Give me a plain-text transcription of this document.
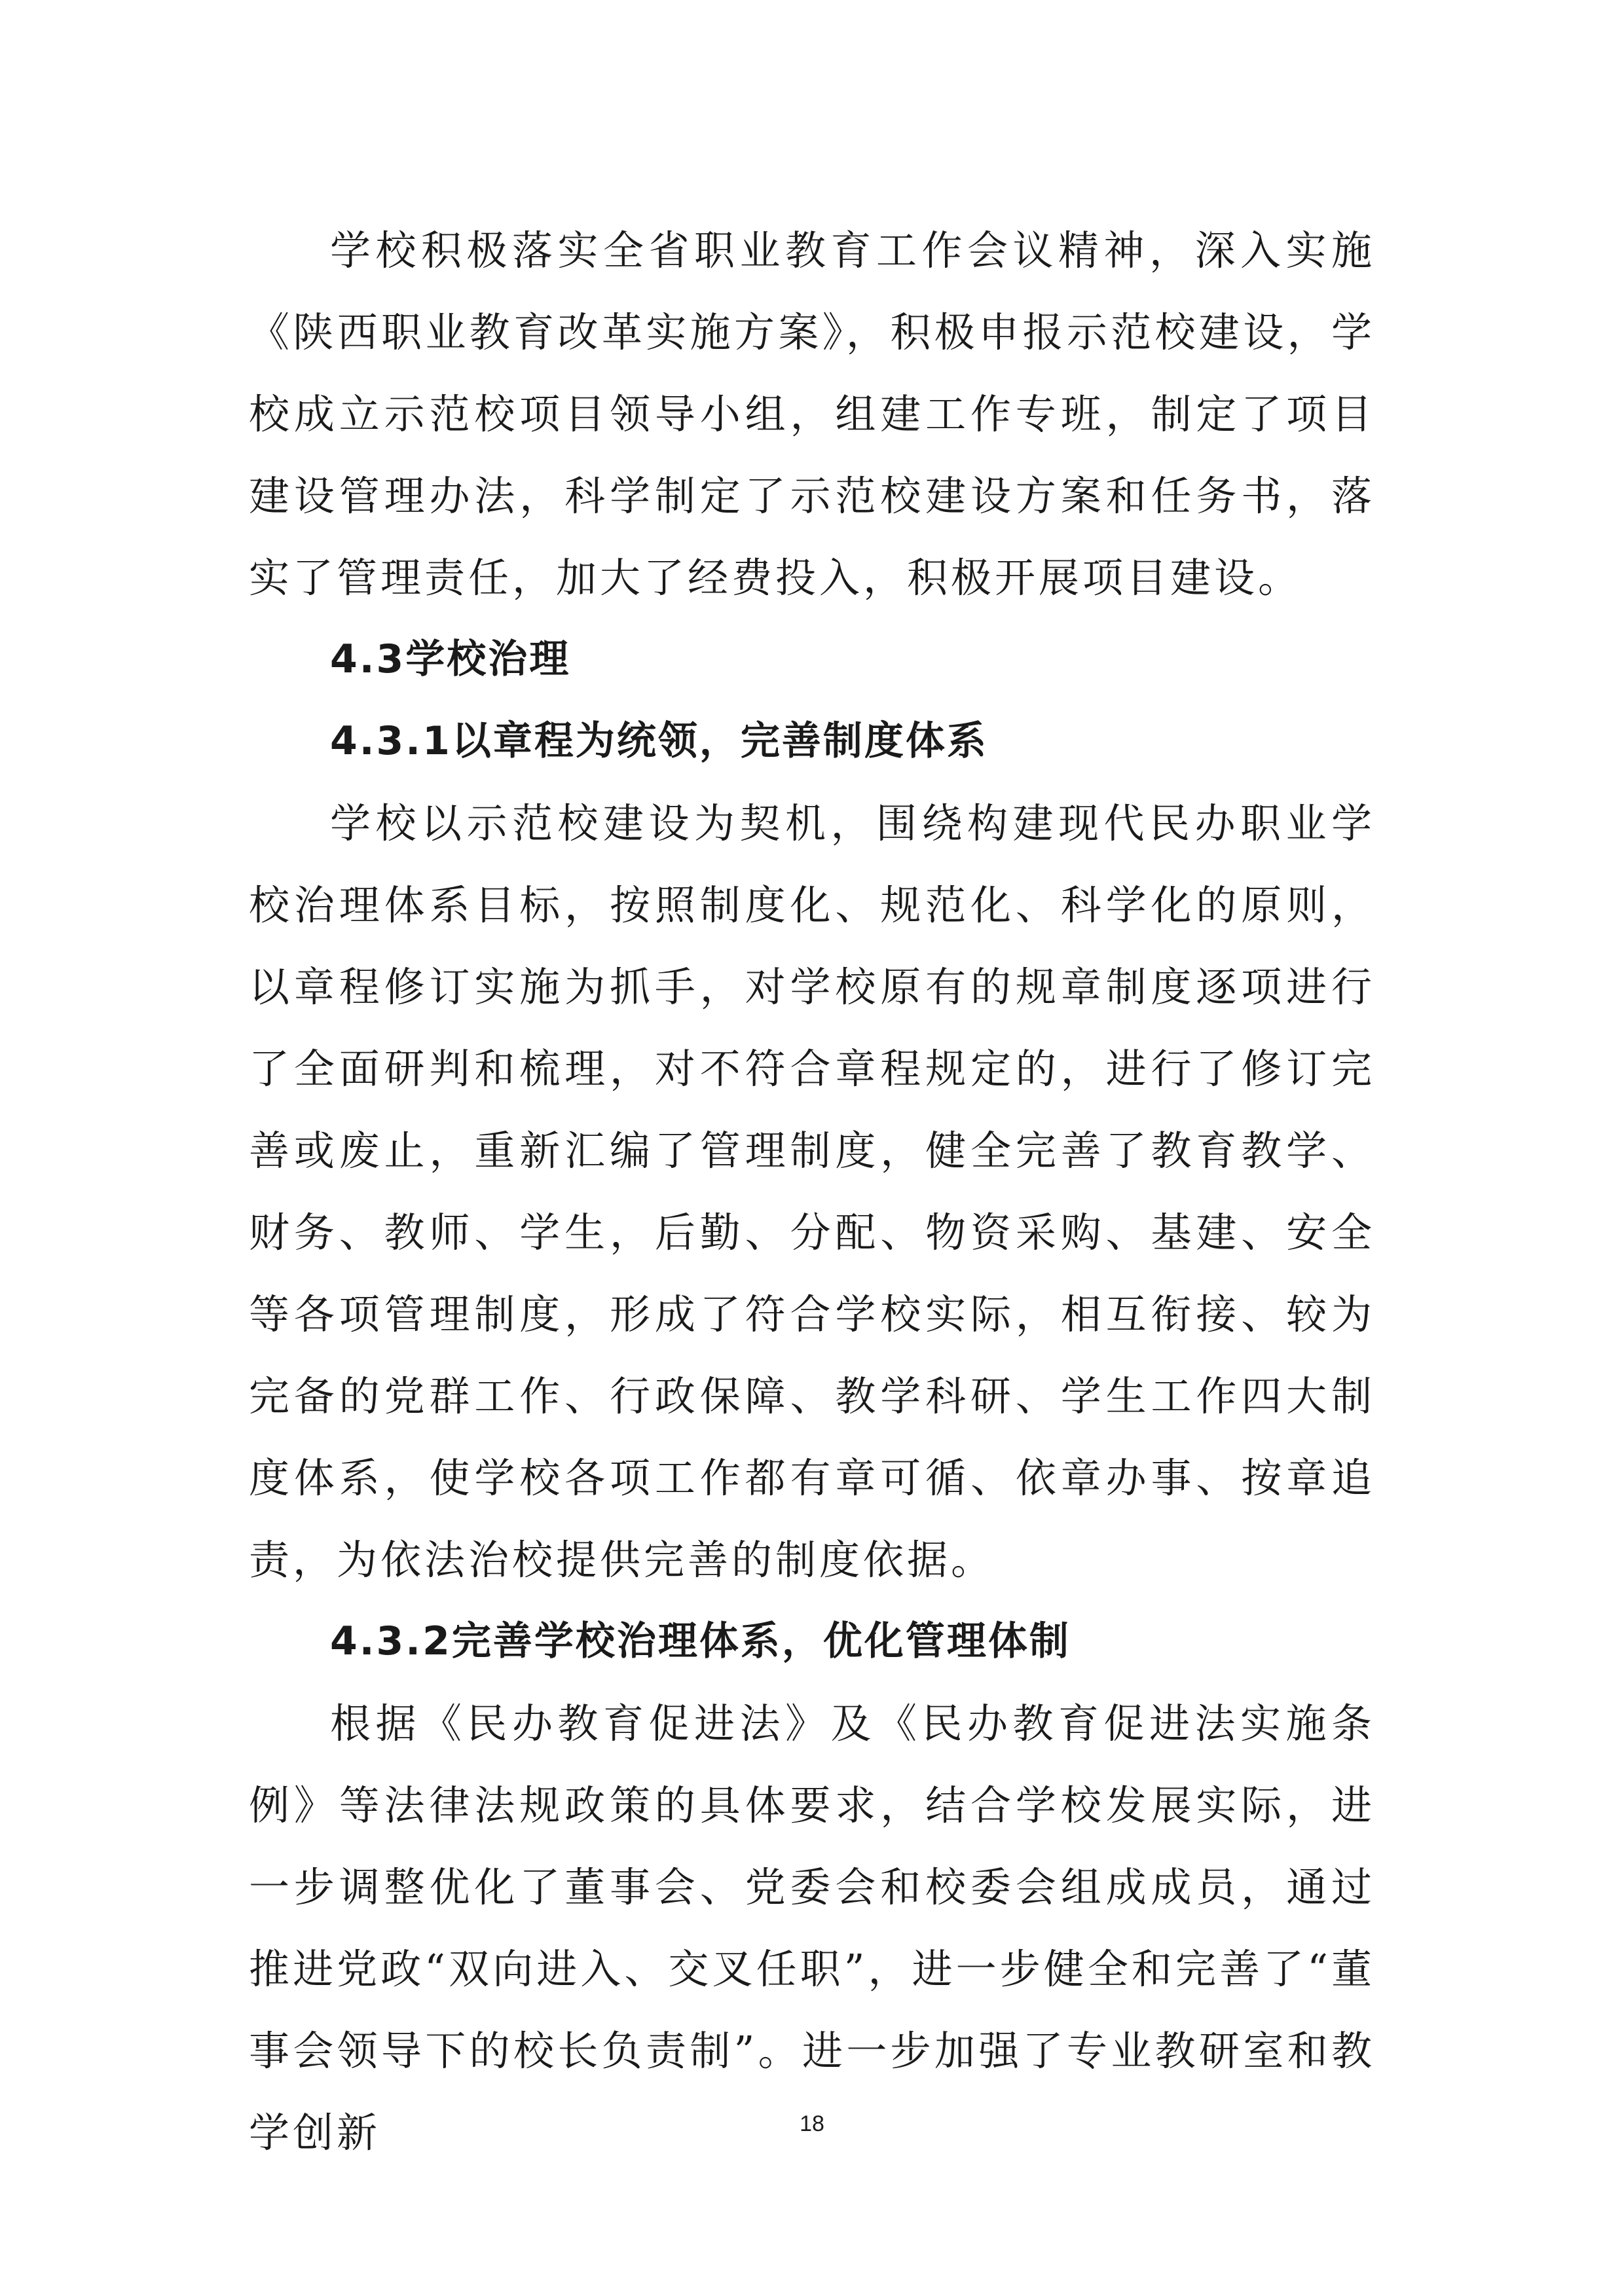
学校积极落实全省职业教育工作会议精神，深入实施《陕西职业教育改革实施方案》，积极申报示范校建设，学校成立示范校项目领导小组，组建工作专班，制定了项目建设管理办法，科学制定了示范校建设方案和任务书，落实了管理责任，加大了经费投入，积极开展项目建设。

4.3学校治理

4.3.1以章程为统领，完善制度体系

学校以示范校建设为契机，围绕构建现代民办职业学校治理体系目标，按照制度化、规范化、科学化的原则，以章程修订实施为抓手，对学校原有的规章制度逐项进行了全面研判和梳理，对不符合章程规定的，进行了修订完善或废止，重新汇编了管理制度，健全完善了教育教学、财务、教师、学生，后勤、分配、物资采购、基建、安全等各项管理制度，形成了符合学校实际，相互衔接、较为完备的党群工作、行政保障、教学科研、学生工作四大制度体系，使学校各项工作都有章可循、依章办事、按章追责，为依法治校提供完善的制度依据。

4.3.2完善学校治理体系，优化管理体制

根据《民办教育促进法》及《民办教育促进法实施条例》等法律法规政策的具体要求，结合学校发展实际，进一步调整优化了董事会、党委会和校委会组成成员，通过推进党政“双向进入、交叉任职”，进一步健全和完善了“董事会领导下的校长负责制”。进一步加强了专业教研室和教学创新	18
